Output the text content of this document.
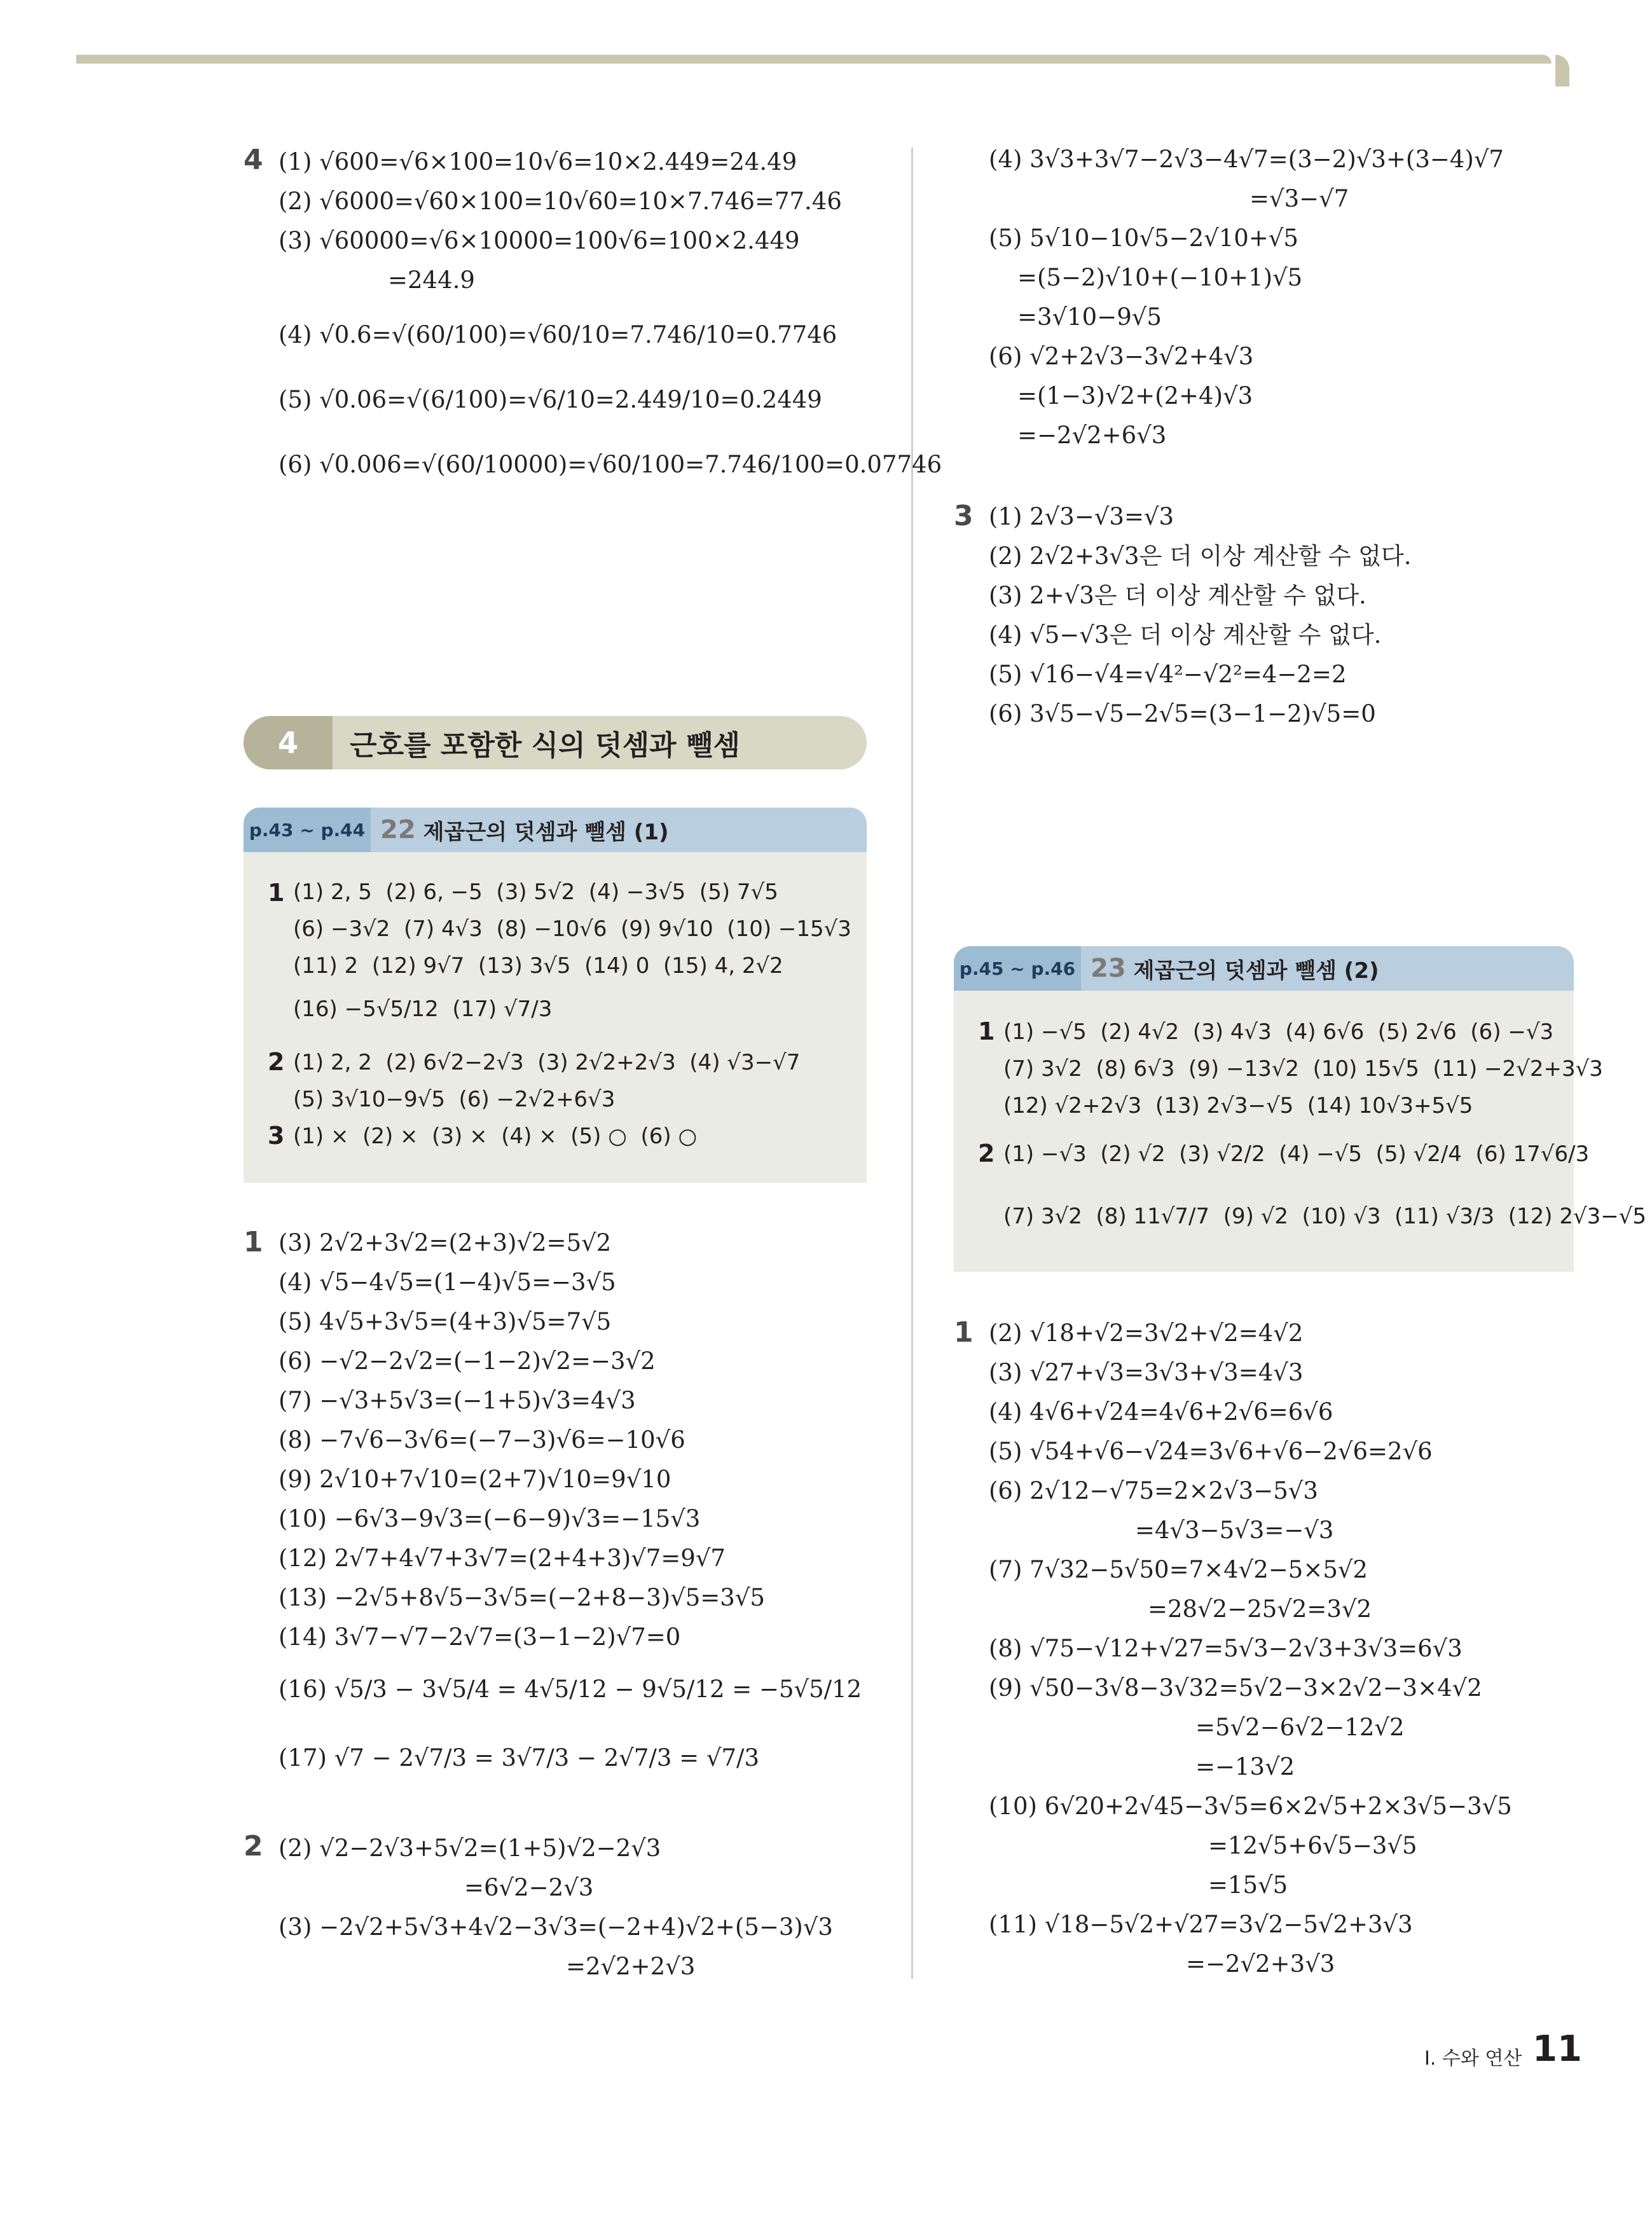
4 (1) √600=√6×100=10√6=10×2.449=24.49
(2) √6000=√60×100=10√60=10×7.746=77.46
(3) √60000=√6×10000=100√6=100×2.449
=244.9
(4) √0.6=√(60/100)=√60/10=7.746/10=0.7746
(5) √0.06=√(6/100)=√6/10=2.449/10=0.2449
(6) √0.006=√(60/10000)=√60/100=7.746/100=0.07746
4	근호를 포함한 식의 덧셈과 뺄셈
p.43 ~ p.44 22 제곱근의 덧셈과 뺄셈 (1)
1 (1) 2, 5  (2) 6, −5  (3) 5√2  (4) −3√5  (5) 7√5
(6) −3√2  (7) 4√3  (8) −10√6  (9) 9√10  (10) −15√3
(11) 2  (12) 9√7  (13) 3√5  (14) 0  (15) 4, 2√2
(16) −5√5/12  (17) √7/3
2 (1) 2, 2  (2) 6√2−2√3  (3) 2√2+2√3  (4) √3−√7
(5) 3√10−9√5  (6) −2√2+6√3
3 (1) ×  (2) ×  (3) ×  (4) ×  (5) ○  (6) ○
1 (3) 2√2+3√2=(2+3)√2=5√2
(4) √5−4√5=(1−4)√5=−3√5
(5) 4√5+3√5=(4+3)√5=7√5
(6) −√2−2√2=(−1−2)√2=−3√2
(7) −√3+5√3=(−1+5)√3=4√3
(8) −7√6−3√6=(−7−3)√6=−10√6
(9) 2√10+7√10=(2+7)√10=9√10
(10) −6√3−9√3=(−6−9)√3=−15√3
(12) 2√7+4√7+3√7=(2+4+3)√7=9√7
(13) −2√5+8√5−3√5=(−2+8−3)√5=3√5
(14) 3√7−√7−2√7=(3−1−2)√7=0
(16) √5/3 − 3√5/4 = 4√5/12 − 9√5/12 = −5√5/12
(17) √7 − 2√7/3 = 3√7/3 − 2√7/3 = √7/3
2 (2) √2−2√3+5√2=(1+5)√2−2√3
=6√2−2√3
(3) −2√2+5√3+4√2−3√3=(−2+4)√2+(5−3)√3
=2√2+2√3
(4) 3√3+3√7−2√3−4√7=(3−2)√3+(3−4)√7
=√3−√7
(5) 5√10−10√5−2√10+√5
=(5−2)√10+(−10+1)√5
=3√10−9√5
(6) √2+2√3−3√2+4√3
=(1−3)√2+(2+4)√3
=−2√2+6√3
3 (1) 2√3−√3=√3
(2) 2√2+3√3은 더 이상 계산할 수 없다.
(3) 2+√3은 더 이상 계산할 수 없다.
(4) √5−√3은 더 이상 계산할 수 없다.
(5) √16−√4=√4²−√2²=4−2=2
(6) 3√5−√5−2√5=(3−1−2)√5=0
p.45 ~ p.46 23 제곱근의 덧셈과 뺄셈 (2)
1 (1) −√5  (2) 4√2  (3) 4√3  (4) 6√6  (5) 2√6  (6) −√3
(7) 3√2  (8) 6√3  (9) −13√2  (10) 15√5  (11) −2√2+3√3
(12) √2+2√3  (13) 2√3−√5  (14) 10√3+5√5
2 (1) −√3  (2) √2  (3) √2/2  (4) −√5  (5) √2/4  (6) 17√6/3
(7) 3√2  (8) 11√7/7  (9) √2  (10) √3  (11) √3/3  (12) 2√3−√5
1 (2) √18+√2=3√2+√2=4√2
(3) √27+√3=3√3+√3=4√3
(4) 4√6+√24=4√6+2√6=6√6
(5) √54+√6−√24=3√6+√6−2√6=2√6
(6) 2√12−√75=2×2√3−5√3
=4√3−5√3=−√3
(7) 7√32−5√50=7×4√2−5×5√2
=28√2−25√2=3√2
(8) √75−√12+√27=5√3−2√3+3√3=6√3
(9) √50−3√8−3√32=5√2−3×2√2−3×4√2
=5√2−6√2−12√2
=−13√2
(10) 6√20+2√45−3√5=6×2√5+2×3√5−3√5
=12√5+6√5−3√5
=15√5
(11) √18−5√2+√27=3√2−5√2+3√3
=−2√2+3√3
Ⅰ. 수와 연산 11
